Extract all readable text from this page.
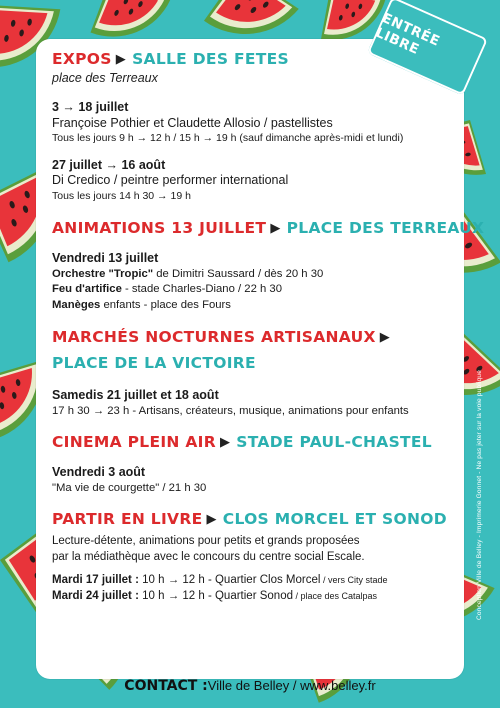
ENTRÉE LIBRE
EXPOS ▶ SALLE DES FETES
place des Terreaux
3 → 18 juillet
Françoise Pothier et Claudette Allosio / pastellistes
Tous les jours 9 h → 12 h / 15 h → 19 h (sauf dimanche après-midi et lundi)
27 juillet → 16 août
Di Credico / peintre performer international
Tous les jours 14 h 30 → 19 h
ANIMATIONS 13 JUILLET ▶ PLACE DES TERREAUX
Vendredi 13 juillet
Orchestre "Tropic" de Dimitri Saussard / dès 20 h 30
Feu d'artifice - stade Charles-Diano / 22 h 30
Manèges enfants - place des Fours
MARCHÉS NOCTURNES ARTISANAUX ▶
PLACE DE LA VICTOIRE
Samedis 21 juillet et 18 août
17 h 30 → 23 h - Artisans, créateurs, musique, animations pour enfants
CINEMA PLEIN AIR ▶ STADE PAUL-CHASTEL
Vendredi 3 août
"Ma vie de courgette" / 21 h 30
PARTIR EN LIVRE ▶ CLOS MORCEL ET SONOD
Lecture-détente, animations pour petits et grands proposées
par la médiathèque avec le concours du centre social Escale.
Mardi 17 juillet : 10 h → 12 h - Quartier Clos Morcel / vers City stade
Mardi 24 juillet : 10 h → 12 h - Quartier Sonod / place des Catalpas
CONTACT :Ville de Belley / www.belley.fr
Conception Ville de Belley - Imprimerie Gonnet - Ne pas jeter sur la voie publique
